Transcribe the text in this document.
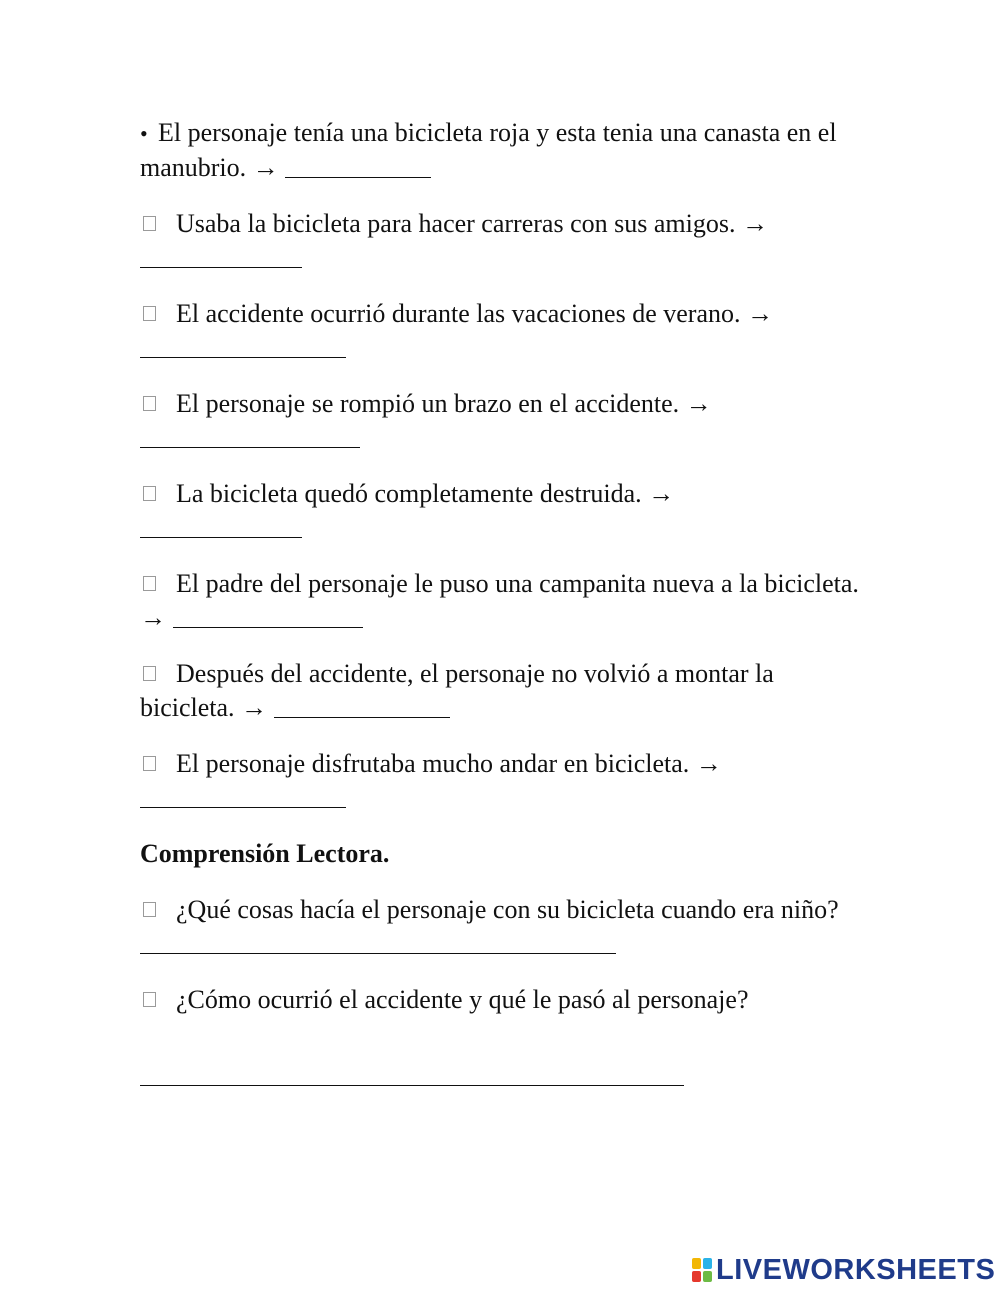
• El personaje tenía una bicicleta roja y esta tenia una canasta en el manubrio. →

Usaba la bicicleta para hacer carreras con sus amigos. →

El accidente ocurrió durante las vacaciones de verano. →

El personaje se rompió un brazo en el accidente. →

La bicicleta quedó completamente destruida. →

El padre del personaje le puso una campanita nueva a la bicicleta. →

Después del accidente, el personaje no volvió a montar la bicicleta. →

El personaje disfrutaba mucho andar en bicicleta. →

Comprensión Lectora.

¿Qué cosas hacía el personaje con su bicicleta cuando era niño?

¿Cómo ocurrió el accidente y qué le pasó al personaje?
LIVEWORKSHEETS
